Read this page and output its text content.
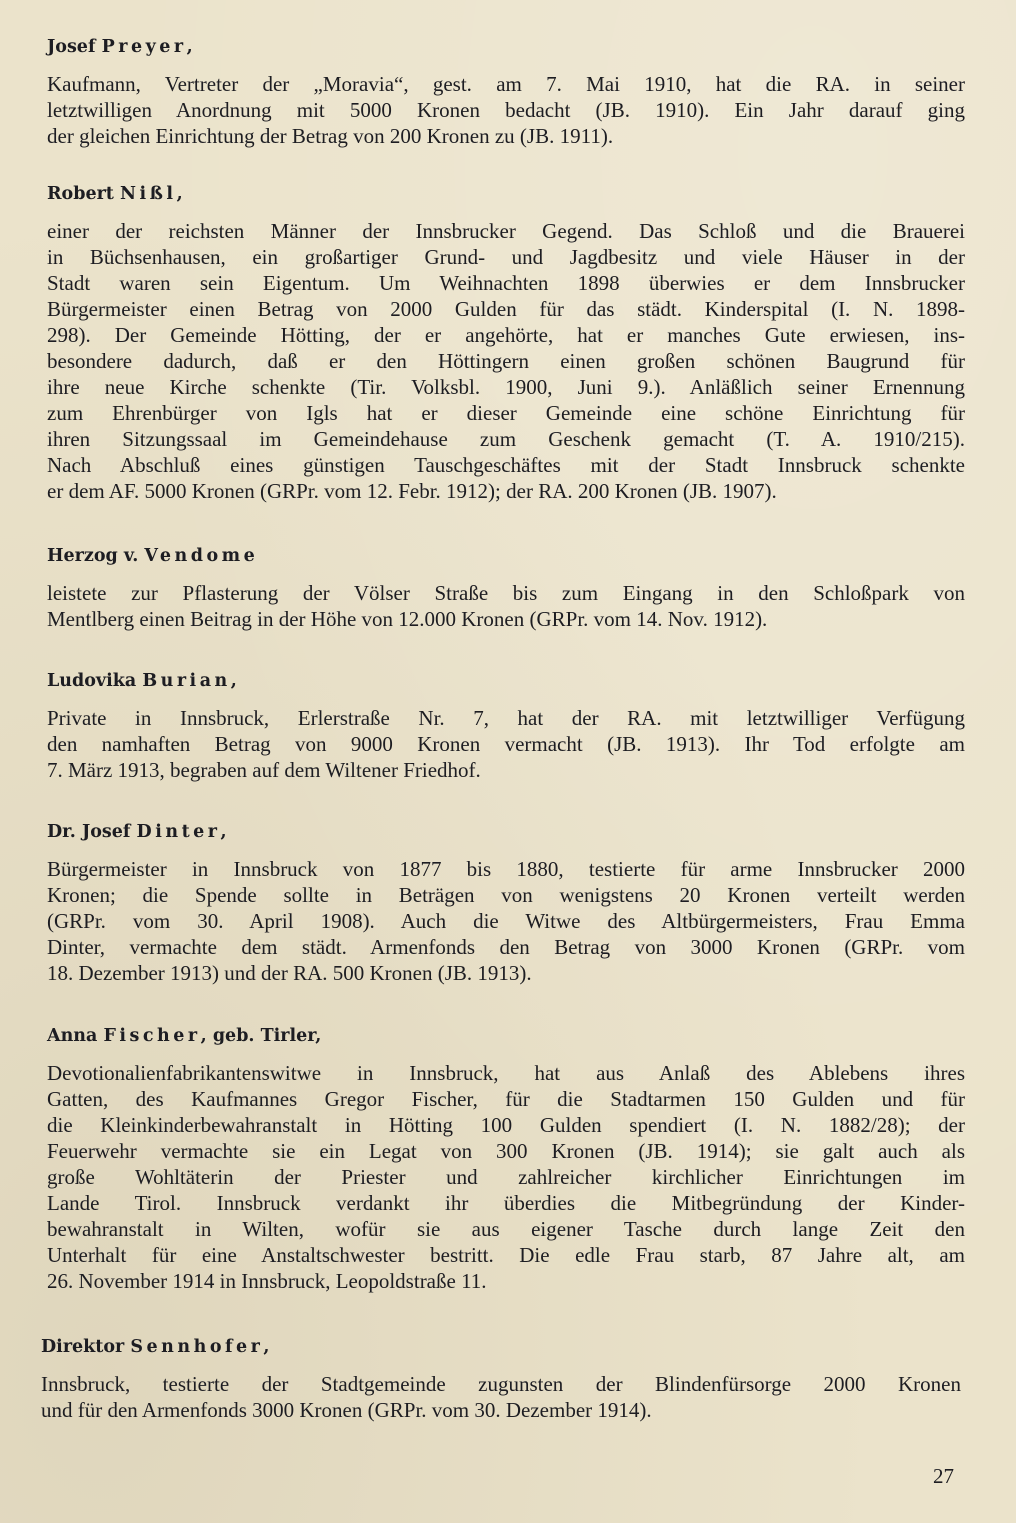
Josef Preyer,
Kaufmann, Vertreter der „Moravia“, gest. am 7. Mai 1910, hat die RA. in seiner
letztwilligen Anordnung mit 5000 Kronen bedacht (JB. 1910). Ein Jahr darauf ging
der gleichen Einrichtung der Betrag von 200 Kronen zu (JB. 1911).
Robert Nißl,
einer der reichsten Männer der Innsbrucker Gegend. Das Schloß und die Brauerei
in Büchsenhausen, ein großartiger Grund- und Jagdbesitz und viele Häuser in der
Stadt waren sein Eigentum. Um Weihnachten 1898 überwies er dem Innsbrucker
Bürgermeister einen Betrag von 2000 Gulden für das städt. Kinderspital (I. N. 1898-
298). Der Gemeinde Hötting, der er angehörte, hat er manches Gute erwiesen, ins-
besondere dadurch, daß er den Höttingern einen großen schönen Baugrund für
ihre neue Kirche schenkte (Tir. Volksbl. 1900, Juni 9.). Anläßlich seiner Ernennung
zum Ehrenbürger von Igls hat er dieser Gemeinde eine schöne Einrichtung für
ihren Sitzungssaal im Gemeindehause zum Geschenk gemacht (T. A. 1910/215).
Nach Abschluß eines günstigen Tauschgeschäftes mit der Stadt Innsbruck schenkte
er dem AF. 5000 Kronen (GRPr. vom 12. Febr. 1912); der RA. 200 Kronen (JB. 1907).
Herzog v. Vendome
leistete zur Pflasterung der Völser Straße bis zum Eingang in den Schloßpark von
Mentlberg einen Beitrag in der Höhe von 12.000 Kronen (GRPr. vom 14. Nov. 1912).
Ludovika Burian,
Private in Innsbruck, Erlerstraße Nr. 7, hat der RA. mit letztwilliger Verfügung
den namhaften Betrag von 9000 Kronen vermacht (JB. 1913). Ihr Tod erfolgte am
7. März 1913, begraben auf dem Wiltener Friedhof.
Dr. Josef Dinter,
Bürgermeister in Innsbruck von 1877 bis 1880, testierte für arme Innsbrucker 2000
Kronen; die Spende sollte in Beträgen von wenigstens 20 Kronen verteilt werden
(GRPr. vom 30. April 1908). Auch die Witwe des Altbürgermeisters, Frau Emma
Dinter, vermachte dem städt. Armenfonds den Betrag von 3000 Kronen (GRPr. vom
18. Dezember 1913) und der RA. 500 Kronen (JB. 1913).
Anna Fischer, geb. Tirler,
Devotionalienfabrikantenswitwe in Innsbruck, hat aus Anlaß des Ablebens ihres
Gatten, des Kaufmannes Gregor Fischer, für die Stadtarmen 150 Gulden und für
die Kleinkinderbewahranstalt in Hötting 100 Gulden spendiert (I. N. 1882/28); der
Feuerwehr vermachte sie ein Legat von 300 Kronen (JB. 1914); sie galt auch als
große Wohltäterin der Priester und zahlreicher kirchlicher Einrichtungen im
Lande Tirol. Innsbruck verdankt ihr überdies die Mitbegründung der Kinder-
bewahranstalt in Wilten, wofür sie aus eigener Tasche durch lange Zeit den
Unterhalt für eine Anstaltschwester bestritt. Die edle Frau starb, 87 Jahre alt, am
26. November 1914 in Innsbruck, Leopoldstraße 11.
Direktor Sennhofer,
Innsbruck, testierte der Stadtgemeinde zugunsten der Blindenfürsorge 2000 Kronen
und für den Armenfonds 3000 Kronen (GRPr. vom 30. Dezember 1914).
27
